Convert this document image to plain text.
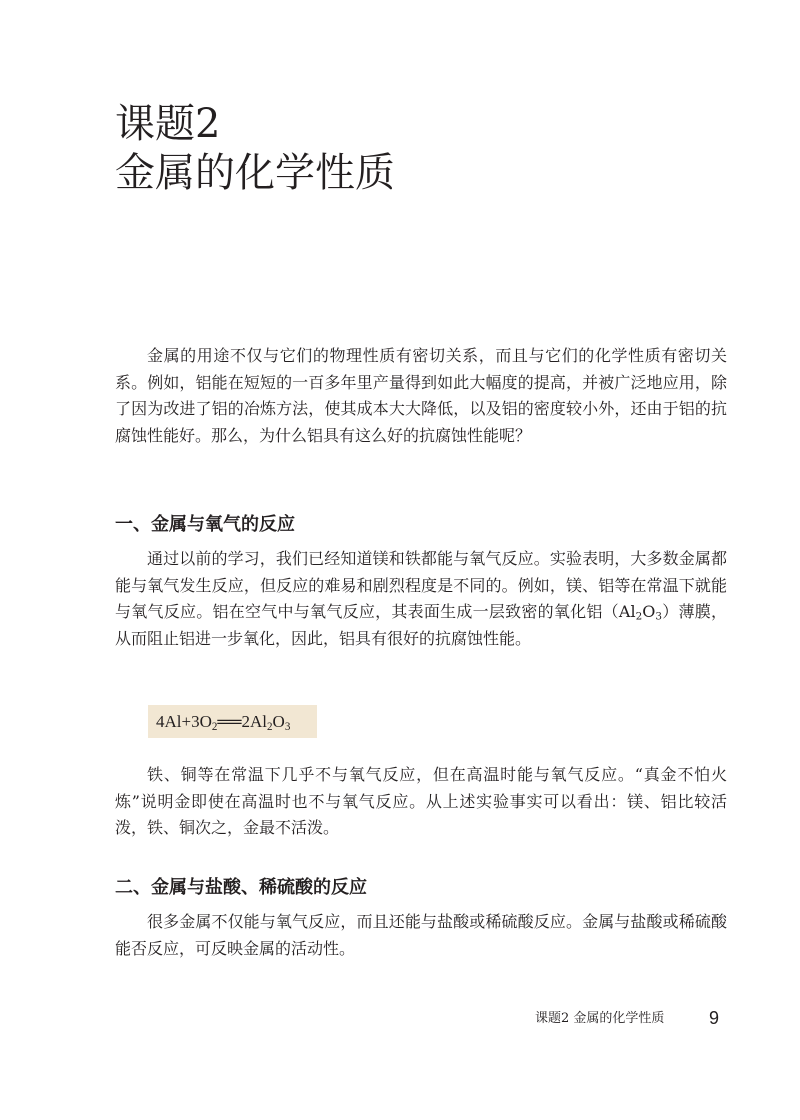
课题2
金属的化学性质

金属的用途不仅与它们的物理性质有密切关系，而且与它们的化学性质有密切关系。例如，铝能在短短的一百多年里产量得到如此大幅度的提高，并被广泛地应用，除了因为改进了铝的冶炼方法，使其成本大大降低，以及铝的密度较小外，还由于铝的抗腐蚀性能好。那么，为什么铝具有这么好的抗腐蚀性能呢？

一、金属与氧气的反应

通过以前的学习，我们已经知道镁和铁都能与氧气反应。实验表明，大多数金属都能与氧气发生反应，但反应的难易和剧烈程度是不同的。例如，镁、铝等在常温下就能与氧气反应。铝在空气中与氧气反应，其表面生成一层致密的氧化铝$(Al_2O_3)$薄膜，从而阻止铝进一步氧化，因此，铝具有很好的抗腐蚀性能。

$4Al+3O_2══2Al_2O_3$

铁、铜等在常温下几乎不与氧气反应，但在高温时能与氧气反应。“真金不怕火炼”说明金即使在高温时也不与氧气反应。从上述实验事实可以看出：镁、铝比较活泼，铁、铜次之，金最不活泼。

二、金属与盐酸、稀硫酸的反应

很多金属不仅能与氧气反应，而且还能与盐酸或稀硫酸反应。金属与盐酸或稀硫酸能否反应，可反映金属的活动性。

课题2 金属的化学性质 9
